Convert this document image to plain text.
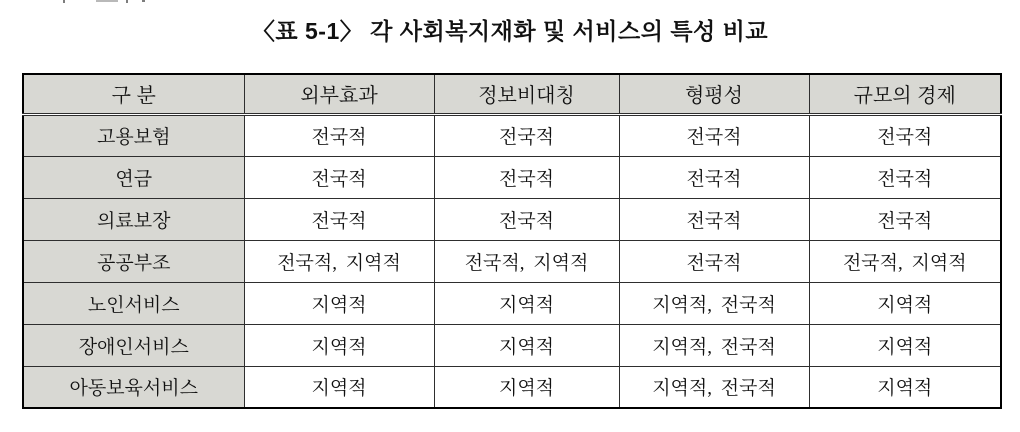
〈표 5-1〉 각 사회복지재화 및 서비스의 특성 비교
구 분	외부효과	정보비대칭	형평성	규모의 경제
고용보험	전국적	전국적	전국적	전국적
연금	전국적	전국적	전국적	전국적
의료보장	전국적	전국적	전국적	전국적
공공부조	전국적, 지역적	전국적, 지역적	전국적	전국적, 지역적
노인서비스	지역적	지역적	지역적, 전국적	지역적
장애인서비스	지역적	지역적	지역적, 전국적	지역적
아동보육서비스	지역적	지역적	지역적, 전국적	지역적
